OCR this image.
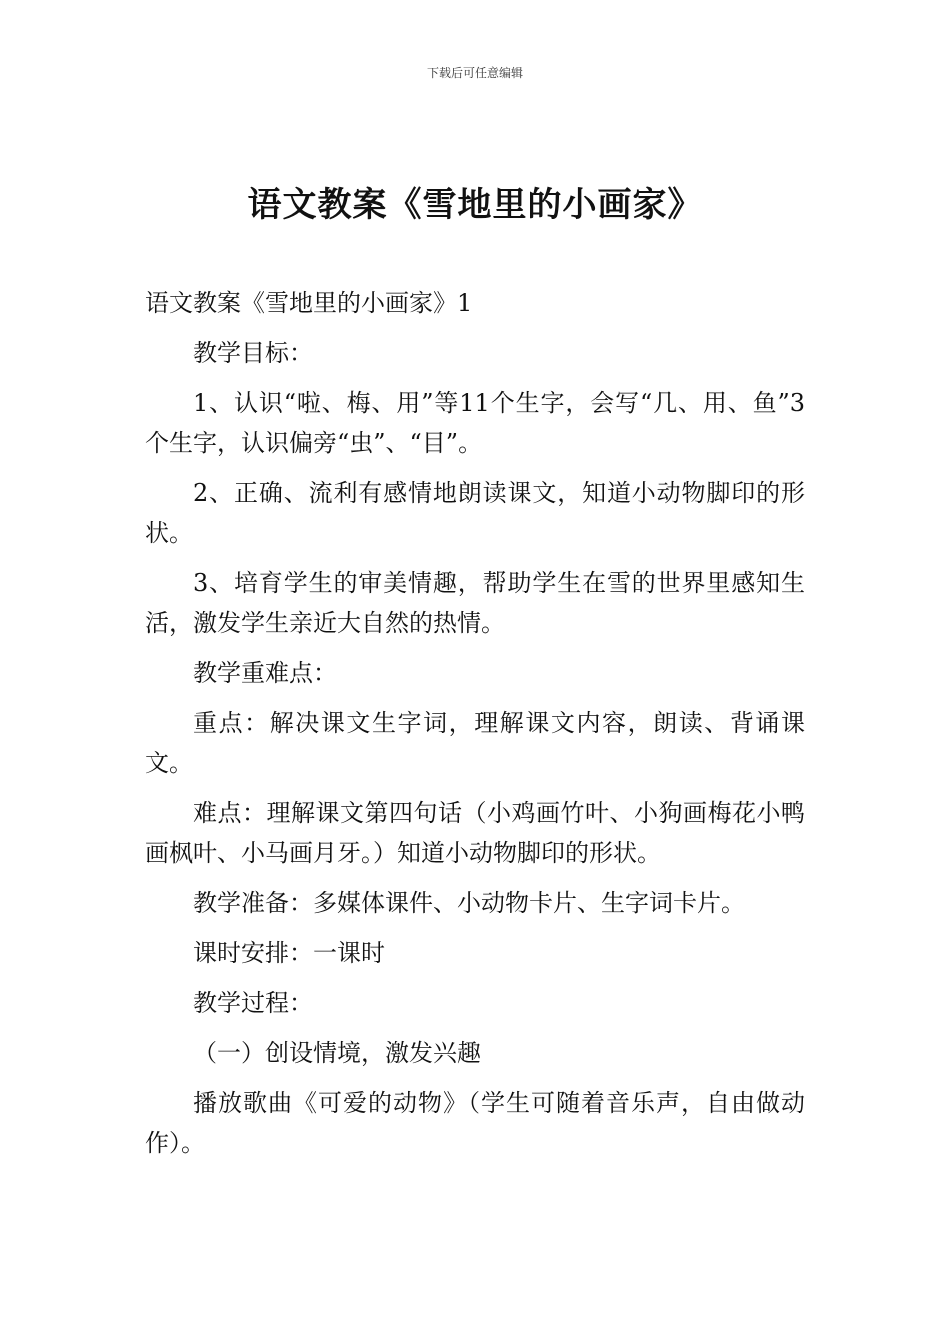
下载后可任意编辑
语文教案《雪地里的小画家》

语文教案《雪地里的小画家》1

教学目标：

1、认识“啦、梅、用”等11个生字，会写“几、用、鱼”3个生字，认识偏旁“虫”、“目”。

2、正确、流利有感情地朗读课文，知道小动物脚印的形状。

3、培育学生的审美情趣，帮助学生在雪的世界里感知生活，激发学生亲近大自然的热情。

教学重难点：

重点：解决课文生字词，理解课文内容，朗读、背诵课文。

难点：理解课文第四句话（小鸡画竹叶、小狗画梅花小鸭画枫叶、小马画月牙。）知道小动物脚印的形状。

教学准备：多媒体课件、小动物卡片、生字词卡片。

课时安排：一课时

教学过程：

（一）创设情境，激发兴趣

播放歌曲《可爱的动物》（学生可随着音乐声，自由做动作）。
